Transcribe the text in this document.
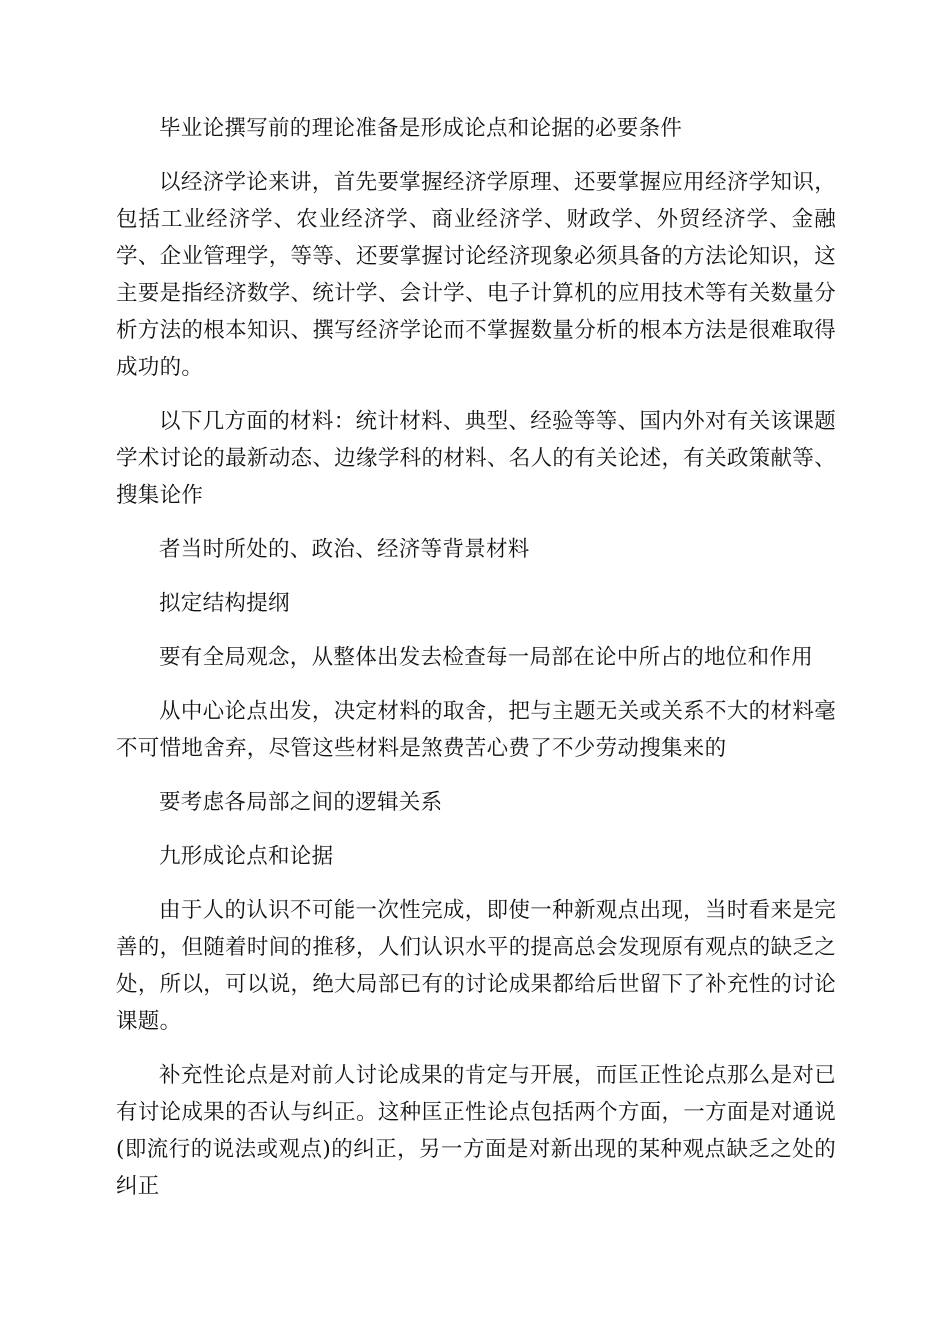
毕业论撰写前的理论准备是形成论点和论据的必要条件

以经济学论来讲，首先要掌握经济学原理、还要掌握应用经济学知识，包括工业经济学、农业经济学、商业经济学、财政学、外贸经济学、金融学、企业管理学，等等、还要掌握讨论经济现象必须具备的方法论知识，这主要是指经济数学、统计学、会计学、电子计算机的应用技术等有关数量分析方法的根本知识、撰写经济学论而不掌握数量分析的根本方法是很难取得成功的。

以下几方面的材料：统计材料、典型、经验等等、国内外对有关该课题学术讨论的最新动态、边缘学科的材料、名人的有关论述，有关政策献等、搜集论作

者当时所处的、政治、经济等背景材料

拟定结构提纲

要有全局观念，从整体出发去检查每一局部在论中所占的地位和作用

从中心论点出发，决定材料的取舍，把与主题无关或关系不大的材料毫不可惜地舍弃，尽管这些材料是煞费苦心费了不少劳动搜集来的

要考虑各局部之间的逻辑关系

九形成论点和论据

由于人的认识不可能一次性完成，即使一种新观点出现，当时看来是完善的，但随着时间的推移，人们认识水平的提高总会发现原有观点的缺乏之处，所以，可以说，绝大局部已有的讨论成果都给后世留下了补充性的讨论课题。

补充性论点是对前人讨论成果的肯定与开展，而匡正性论点那么是对已有讨论成果的否认与纠正。这种匡正性论点包括两个方面，一方面是对通说(即流行的说法或观点)的纠正，另一方面是对新出现的某种观点缺乏之处的纠正
